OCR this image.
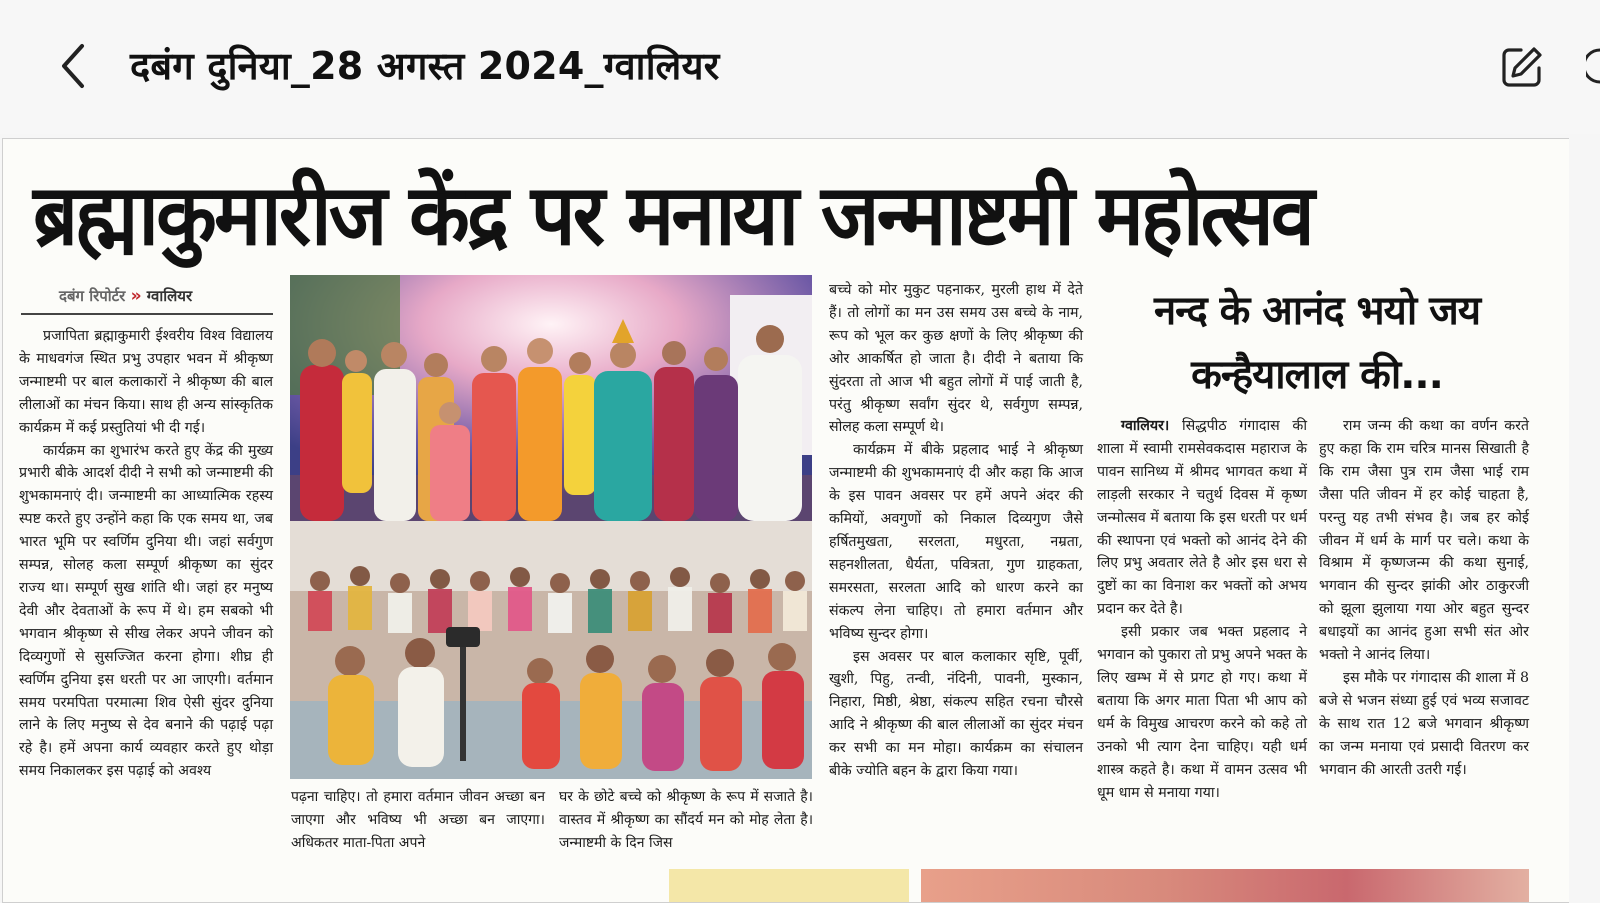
दबंग दुनिया_28 अगस्त 2024_ग्वालियर
ब्रह्माकुमारीज केंद्र पर मनाया जन्माष्टमी महोत्सव
दबंग रिपोर्टर » ग्वालियर

प्रजापिता ब्रह्माकुमारी ईश्वरीय विश्व विद्यालय के माधवगंज स्थित प्रभु उपहार भवन में श्रीकृष्ण जन्माष्टमी पर बाल कलाकारों ने श्रीकृष्ण की बाल लीलाओं का मंचन किया। साथ ही अन्य सांस्कृतिक कार्यक्रम में कई प्रस्तुतियां भी दी गई।

कार्यक्रम का शुभारंभ करते हुए केंद्र की मुख्य प्रभारी बीके आदर्श दीदी ने सभी को जन्माष्टमी की शुभकामनाएं दी। जन्माष्टमी का आध्यात्मिक रहस्य स्पष्ट करते हुए उन्होंने कहा कि एक समय था, जब भारत भूमि पर स्वर्णिम दुनिया थी। जहां सर्वगुण सम्पन्न, सोलह कला सम्पूर्ण श्रीकृष्ण का सुंदर राज्य था। सम्पूर्ण सुख शांति थी। जहां हर मनुष्य देवी और देवताओं के रूप में थे। हम सबको भी भगवान श्रीकृष्ण से सीख लेकर अपने जीवन को दिव्यगुणों से सुसज्जित करना होगा। शीघ्र ही स्वर्णिम दुनिया इस धरती पर आ जाएगी। वर्तमान समय परमपिता परमात्मा शिव ऐसी सुंदर दुनिया लाने के लिए मनुष्य से देव बनाने की पढ़ाई पढ़ा रहे है। हमें अपना कार्य व्यवहार करते हुए थोड़ा समय निकालकर इस पढ़ाई को अवश्य

पढ़ना चाहिए। तो हमारा वर्तमान जीवन अच्छा बन जाएगा और भविष्य भी अच्छा बन जाएगा। अधिकतर माता-पिता अपने

घर के छोटे बच्चे को श्रीकृष्ण के रूप में सजाते है। वास्तव में श्रीकृष्ण का सौंदर्य मन को मोह लेता है। जन्माष्टमी के दिन जिस

बच्चे को मोर मुकुट पहनाकर, मुरली हाथ में देते हैं। तो लोगों का मन उस समय उस बच्चे के नाम, रूप को भूल कर कुछ क्षणों के लिए श्रीकृष्ण की ओर आकर्षित हो जाता है। दीदी ने बताया कि सुंदरता तो आज भी बहुत लोगों में पाई जाती है, परंतु श्रीकृष्ण सर्वांग सुंदर थे, सर्वगुण सम्पन्न, सोलह कला सम्पूर्ण थे।

कार्यक्रम में बीके प्रहलाद भाई ने श्रीकृष्ण जन्माष्टमी की शुभकामनाएं दी और कहा कि आज के इस पावन अवसर पर हमें अपने अंदर की कमियों, अवगुणों को निकाल दिव्यगुण जैसे हर्षितमुखता, सरलता, मधुरता, नम्रता, सहनशीलता, धैर्यता, पवित्रता, गुण ग्राहकता, समरसता, सरलता आदि को धारण करने का संकल्प लेना चाहिए। तो हमारा वर्तमान और भविष्य सुन्दर होगा।

इस अवसर पर बाल कलाकार सृष्टि, पूर्वी, खुशी, पिहु, तन्वी, नंदिनी, पावनी, मुस्कान, निहारा, मिष्ठी, श्रेष्ठा, संकल्प सहित रचना चौरसे आदि ने श्रीकृष्ण की बाल लीलाओं का सुंदर मंचन कर सभी का मन मोहा। कार्यक्रम का संचालन बीके ज्योति बहन के द्वारा किया गया।

नन्द के आनंद भयो जय
कन्हैयालाल की...

ग्वालियर। सिद्धपीठ गंगादास की शाला में स्वामी रामसेवकदास महाराज के पावन सानिध्य में श्रीमद भागवत कथा में लाड़ली सरकार ने चतुर्थ दिवस में कृष्ण जन्मोत्सव में बताया कि इस धरती पर धर्म की स्थापना एवं भक्तो को आनंद देने की लिए प्रभु अवतार लेते है ओर इस धरा से दुष्टों का का विनाश कर भक्तों को अभय प्रदान कर देते है।

इसी प्रकार जब भक्त प्रहलाद ने भगवान को पुकारा तो प्रभु अपने भक्त के लिए खम्भ में से प्रगट हो गए। कथा में बताया कि अगर माता पिता भी आप को धर्म के विमुख आचरण करने को कहे तो उनको भी त्याग देना चाहिए। यही धर्म शास्त्र कहते है। कथा में वामन उत्सव भी धूम धाम से मनाया गया।

राम जन्म की कथा का वर्णन करते हुए कहा कि राम चरित्र मानस सिखाती है कि राम जैसा पुत्र राम जैसा भाई राम जैसा पति जीवन में हर कोई चाहता है, परन्तु यह तभी संभव है। जब हर कोई जीवन में धर्म के मार्ग पर चले। कथा के विश्राम में कृष्णजन्म की कथा सुनाई, भगवान की सुन्दर झांकी ओर ठाकुरजी को झूला झुलाया गया ओर बहुत सुन्दर बधाइयों का आनंद हुआ सभी संत ओर भक्तो ने आनंद लिया।

इस मौके पर गंगादास की शाला में 8 बजे से भजन संध्या हुई एवं भव्य सजावट के साथ रात 12 बजे भगवान श्रीकृष्ण का जन्म मनाया एवं प्रसादी वितरण कर भगवान की आरती उतरी गई।
